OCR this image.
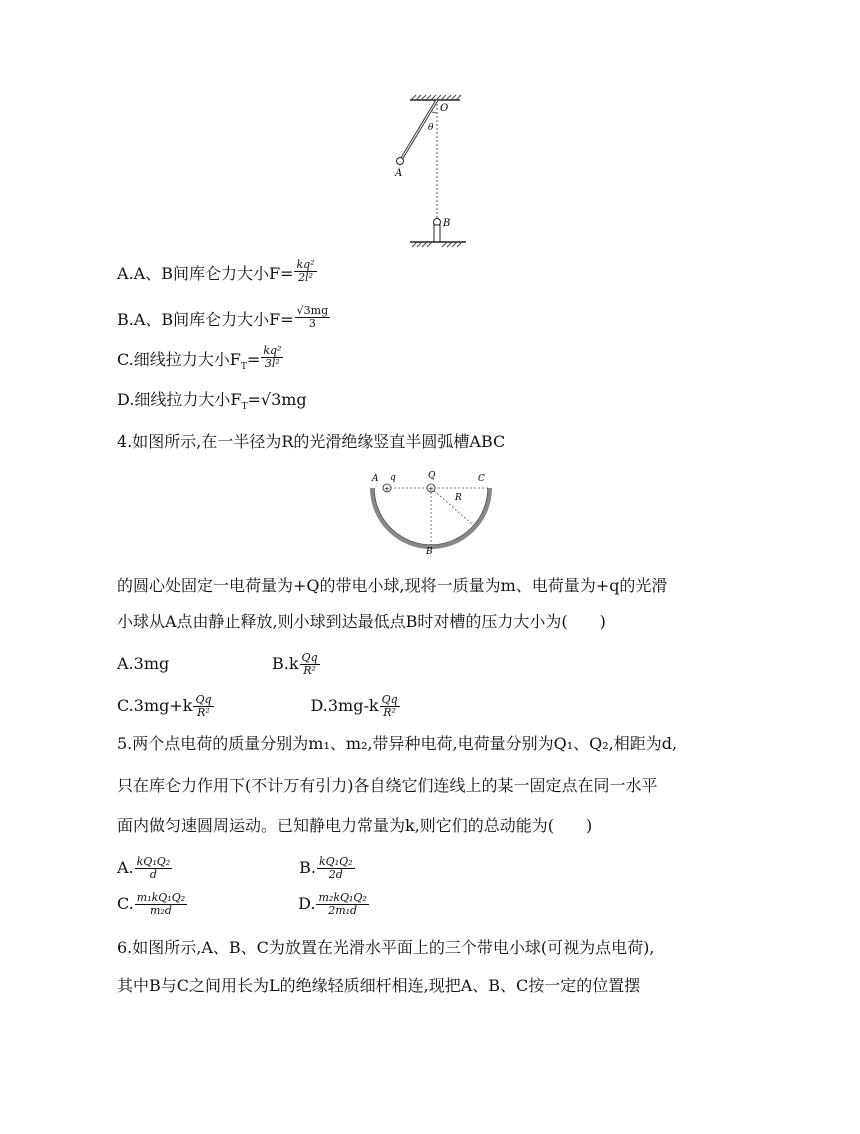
O
θ
A
B
A.A、B间库仑力大小$F= \frac{\text{kq²}}{\text{2l²}}$
B.A、B间库仑力大小$F= \frac{√3mg}{3}$
C.细线拉力大小$F_T= \frac{\text{kq²}}{\text{3l²}}$
D.细线拉力大小$F_T=√3mg$
4.如图所示,在一半径为R的光滑绝缘竖直半圆弧槽ABC
+	+
A q	Q	C
R
B
的圆心处固定一电荷量为+Q的带电小球,现将一质量为m、电荷量为+q的光滑
小球从A点由静止释放,则小球到达最低点B时对槽的压力大小为(　　)
A.3mg	$B.k \frac{Qq}{\text{R²}}$
$C.3mg+k \frac{Qq}{\text{R²}}$	$D.3mg-k \frac{Qq}{\text{R²}}$
5.两个点电荷的质量分别为m₁、m₂,带异种电荷,电荷量分别为Q₁、Q₂,相距为d,
只在库仑力作用下(不计万有引力)各自绕它们连线上的某一固定点在同一水平
面内做匀速圆周运动。已知静电力常量为k,则它们的总动能为(　　)
A. $\frac{\text{kQ₁Q₂}}{d}$	B. $\frac{\text{kQ₁Q₂}}{2d}$
C. $\frac{\text{m₁kQ₁Q₂}}{\text{m₂d}}$	D. $\frac{\text{m₂kQ₁Q₂}}{\text{2m₁d}}$
6.如图所示,A、B、C为放置在光滑水平面上的三个带电小球(可视为点电荷),
其中B与C之间用长为L的绝缘轻质细杆相连,现把A、B、C按一定的位置摆
